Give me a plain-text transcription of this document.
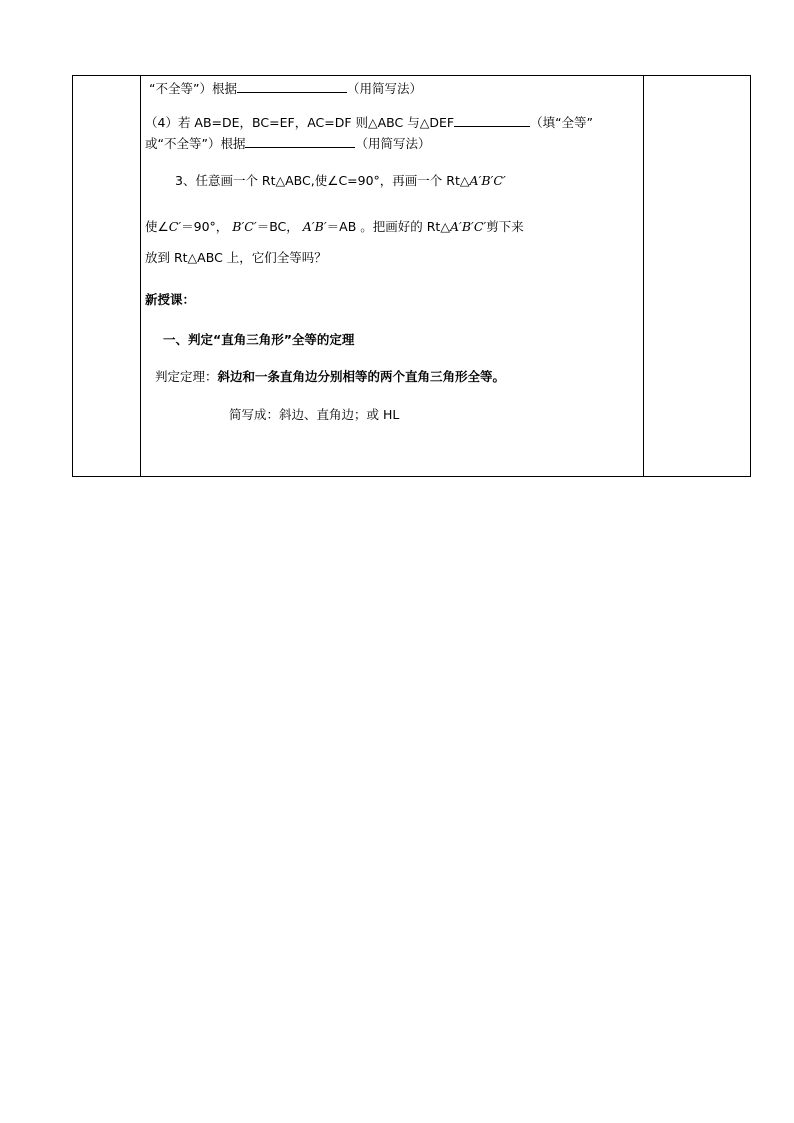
“不全等”）根据	（用简写法）
（4）若 AB=DE，BC=EF，AC=DF 则△ABC 与△DEF	（填“全等”
或“不全等”）根据	（用简写法）
3、任意画一个 Rt△ABC,使∠C=90°，再画一个 Rt△A′B′C′
使∠C′＝90°， B′C′＝BC， A′B′＝AB 。把画好的 Rt△A′B′C′剪下来
放到 Rt△ABC 上，它们全等吗？
新授课：
一、判定“直角三角形”全等的定理
判定定理：斜边和一条直角边分别相等的两个直角三角形全等。
简写成：斜边、直角边；或 HL
